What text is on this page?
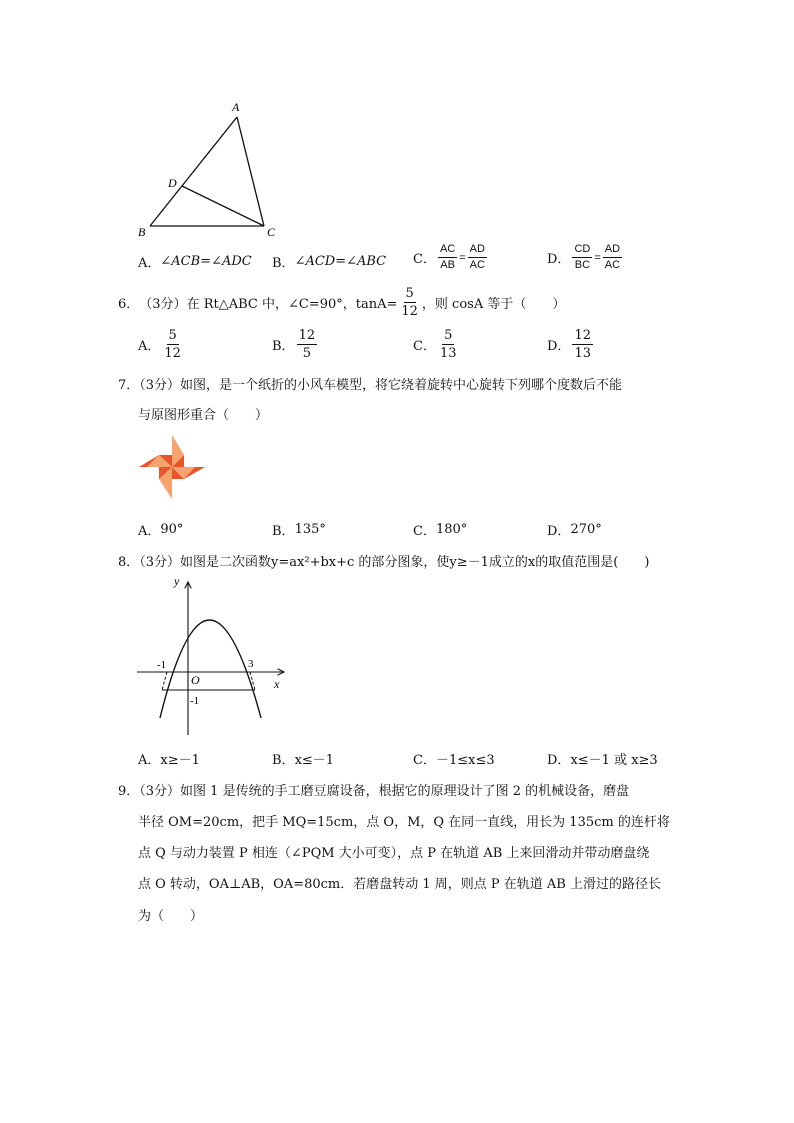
A
B	C
D
A． ∠ACB=∠ADC B． ∠ACD=∠ABC C． $\frac{AC}{AB} = \frac{AD}{AC}$	D． $\frac{CD}{BC} = \frac{AD}{AC}$
6． （3分） 在 Rt△ABC 中，∠C=90°，$\tan A= \frac{5}{12}$ ，则 cosA 等于（　　）
A． $\frac{5}{12}$	B． $\frac{12}{5}$	C． $\frac{5}{13}$	D． $\frac{12}{13}$
7．（3分）如图，是一个纸折的小风车模型，将它绕着旋转中心旋转下列哪个度数后不能
与原图形重合（　　）
A． 90°	B． 135°	C． 180°	D． 270°
8．（3分）如图是二次函数y=ax²+bx+c 的部分图象，使y≥－1成立的x的取值范围是(　　)
y
x
O
-1	3
-1
A． x≥－1	B． x≤－1	C． －1≤x≤3	D． x≤－1 或 x≥3
9．（3分）如图 1 是传统的手工磨豆腐设备，根据它的原理设计了图 2 的机械设备，磨盘
半径 OM=20cm，把手 MQ=15cm，点 O，M，Q 在同一直线，用长为 135cm 的连杆将
点 Q 与动力装置 P 相连（∠PQM 大小可变），点 P 在轨道 AB 上来回滑动并带动磨盘绕
点 O 转动，OA⊥AB，OA=80cm．若磨盘转动 1 周，则点 P 在轨道 AB 上滑过的路径长
为（　　）
